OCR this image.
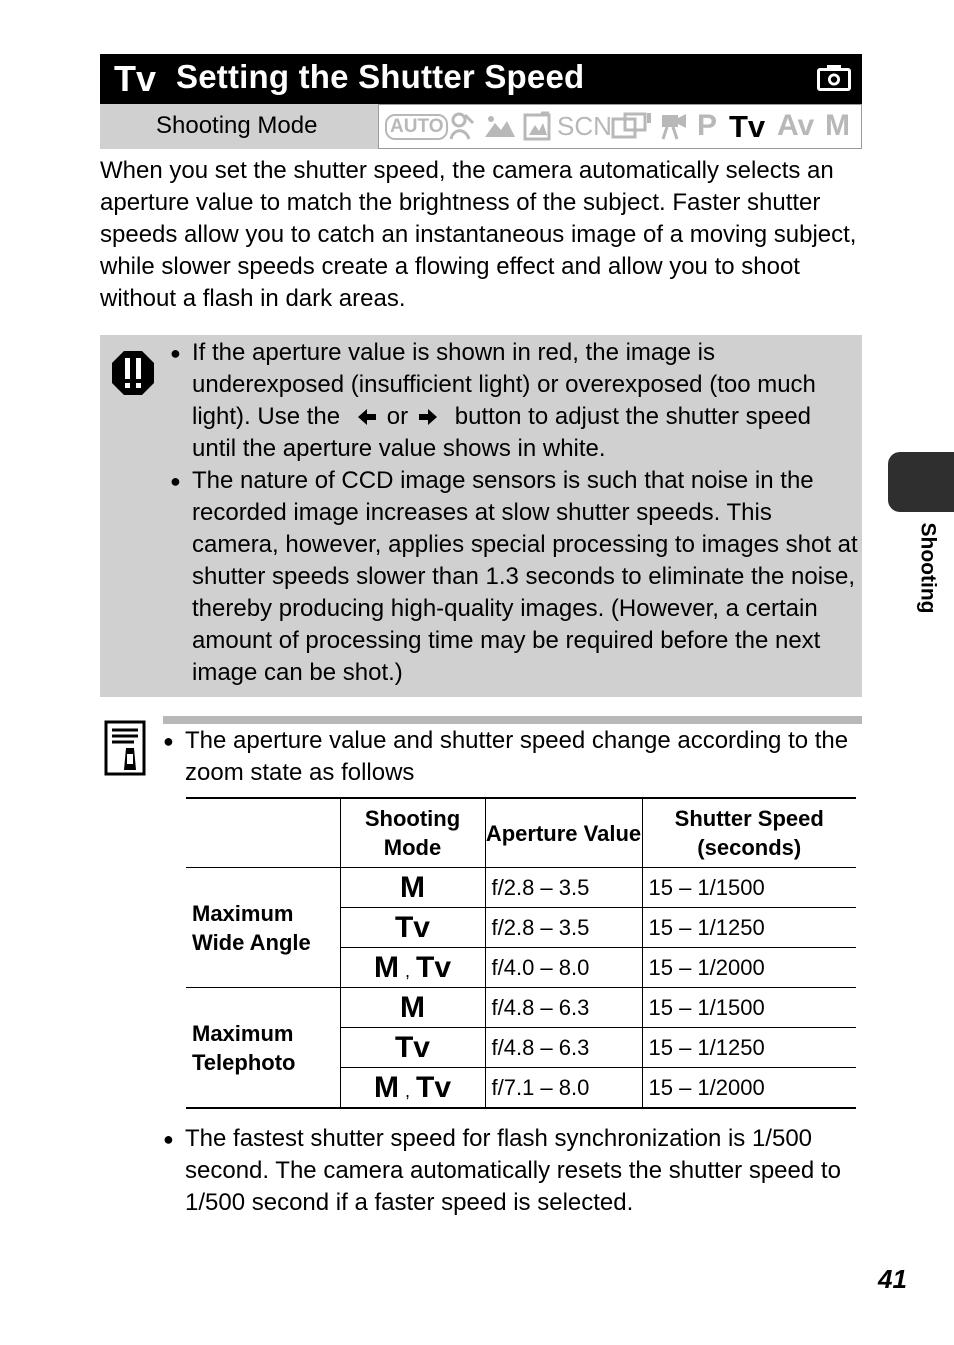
Tv Setting the Shutter Speed
Shooting Mode	AUTO	SCN	P Tv Av M

When you set the shutter speed, the camera automatically selects an aperture value to match the brightness of the subject. Faster shutter speeds allow you to catch an instantaneous image of a moving subject, while slower speeds create a flowing effect and allow you to shoot without a flash in dark areas.

● If the aperture value is shown in red, the image is underexposed (insufficient light) or overexposed (too much light). Use the or button to adjust the shutter speed until the aperture value shows in white.
● The nature of CCD image sensors is such that noise in the recorded image increases at slow shutter speeds. This camera, however, applies special processing to images shot at shutter speeds slower than 1.3 seconds to eliminate the noise, thereby producing high-quality images. (However, a certain amount of processing time may be required before the next image can be shot.)
● The aperture value and shutter speed change according to the zoom state as follows
	Shooting Mode	Aperture Value	Shutter Speed (seconds)
Maximum Wide Angle	M	f/2.8 – 3.5	15 – 1/1500
	Tv	f/2.8 – 3.5	15 – 1/1250
	M , Tv	f/4.0 – 8.0	15 – 1/2000
Maximum Telephoto	M	f/4.8 – 6.3	15 – 1/1500
	Tv	f/4.8 – 6.3	15 – 1/1250
	M , Tv	f/7.1 – 8.0	15 – 1/2000
● The fastest shutter speed for flash synchronization is 1/500 second. The camera automatically resets the shutter speed to 1/500 second if a faster speed is selected.
Shooting
41
